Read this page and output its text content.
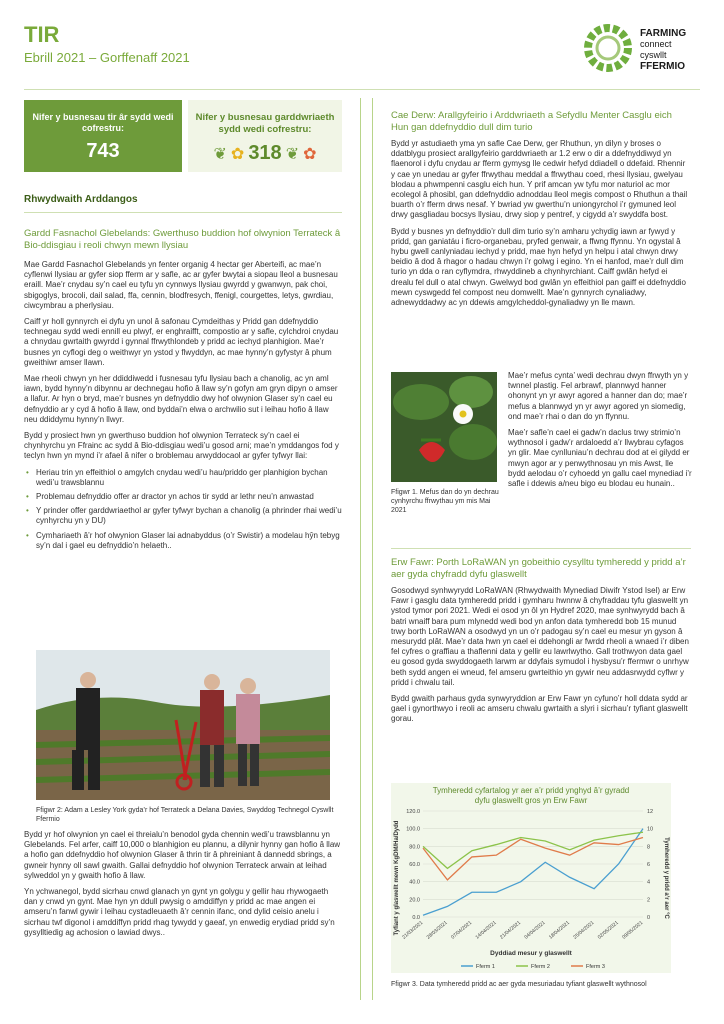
TIR
Ebrill 2021 – Gorffenaff 2021
FARMING
connect
cyswllt
FFERMIO
Nifer y busnesau tir âr sydd wedi cofrestru:
743
Nifer y busnesau garddwriaeth sydd wedi cofrestru:
❦ ✿ 318 ❦ ✿
Rhwydwaith Arddangos
Gardd Fasnachol Glebelands: Gwerthuso buddion hof olwynion Terrateck â Bio-ddisgiau i reoli chwyn mewn llysiau

Mae Gardd Fasnachol Glebelands yn fenter organig 4 hectar ger Aberteifi, ac mae’n cyflenwi llysiau ar gyfer siop fferm ar y safle, ac ar gyfer bwytai a siopau lleol a busnesau eraill. Mae’r cnydau sy’n cael eu tyfu yn cynnwys llysiau gwyrdd y gwanwyn, pak choi, sbigoglys, brocoli, dail salad, ffa, cennin, blodfresych, ffenigl, courgettes, letys, gwrdiau, ciwcymbrau a pherlysiau.

Caiff yr holl gynnyrch ei dyfu yn unol â safonau Cymdeithas y Pridd gan ddefnyddio technegau sydd wedi ennill eu plwyf, er enghraifft, compostio ar y safle, cylchdroi cnydau a chnydau gwrtaith gwyrdd i gynnal ffrwythlondeb y pridd ac iechyd planhigion. Mae’r busnes yn cyflogi deg o weithwyr yn ystod y flwyddyn, ac mae hynny’n gyfystyr â phum gweithiwr amser llawn.

Mae rheoli chwyn yn her ddiddiwedd i fusnesau tyfu llysiau bach a chanolig, ac yn aml iawn, bydd hynny’n dibynnu ar dechnegau hofio â llaw sy’n gofyn am gryn dipyn o amser a llafur. Ar hyn o bryd, mae’r busnes yn defnyddio dwy hof olwynion Glaser sy’n cael eu defnyddio ar y cyd â hofio â llaw, ond byddai’n elwa o archwilio sut i leihau hofio â llaw neu ddiddymu hynny’n llwyr.

Bydd y prosiect hwn yn gwerthuso buddion hof olwynion Terrateck sy’n cael ei chynhyrchu yn Ffrainc ac sydd â Bio-ddisgiau wedi’u gosod arni; mae’n ymddangos fod y teclyn hwn yn mynd i’r afael â nifer o broblemau arwyddocaol ar gyfer tyfwyr llai:

• Heriau trin yn effeithiol o amgylch cnydau wedi’u hau/priddo ger planhigion bychan wedi’u trawsblannu
• Problemau defnyddio offer ar dractor yn achos tir sydd ar lethr neu’n anwastad
• Y prinder offer garddwriaethol ar gyfer tyfwyr bychan a chanolig (a phrinder rhai wedi’u cynhyrchu yn y DU)
• Cymhariaeth â’r hof olwynion Glaser lai adnabyddus (o’r Swistir) a modelau hŷn tebyg sy’n dal i gael eu defnyddio’n helaeth..
Ffigwr 2: Adam a Lesley York gyda’r hof Terrateck a Delana Davies, Swyddog Technegol Cyswllt Ffermio

Bydd yr hof olwynion yn cael ei threialu’n benodol gyda chennin wedi’u trawsblannu yn Glebelands. Fel arfer, caiff 10,000 o blanhigion eu plannu, a dilynir hynny gan hofio â llaw a hofio gan ddefnyddio hof olwynion Glaser â thrin tir â phreiniant â dannedd sbrings, a gwneir hynny oll sawl gwaith. Gallai defnyddio hof olwynion Terrateck arwain at leihad sylweddol yn y gwaith hofio â llaw.

Yn ychwanegol, bydd sicrhau cnwd glanach yn gynt yn golygu y gellir hau rhywogaeth dan y cnwd yn gynt. Mae hyn yn ddull pwysig o amddiffyn y pridd ac mae angen ei amseru’n fanwl gywir i leihau cystadleuaeth â’r cennin ifanc, ond dylid ceisio anelu i sicrhau twf digonol i amddiffyn pridd rhag tywydd y gaeaf, yn enwedig erydiad pridd sy’n gysylltiedig ag achosion o lawiad dwys..

Cae Derw: Arallgyfeirio i Arddwriaeth a Sefydlu Menter Casglu eich Hun gan ddefnyddio dull dim turio

Bydd yr astudiaeth yma yn safle Cae Derw, ger Rhuthun, yn dilyn y broses o ddatblygu prosiect arallgyfeirio garddwriaeth ar 1.2 erw o dir a ddefnyddiwyd yn flaenorol i dyfu cnydau ar fferm gymysg lle cedwir hefyd ddiadell o ddefaid. Rhennir y cae yn unedau ar gyfer ffrwythau meddal a ffrwythau coed, rhesi llysiau, gwelyau blodau a phwmpenni casglu eich hun. Y prif amcan yw tyfu mor naturiol ac mor ecolegol â phosibl, gan ddefnyddio adnoddau lleol megis compost o Rhuthun a thail buarth o’r fferm drws nesaf. Y bwriad yw gwerthu’n uniongyrchol i’r gymuned leol drwy gasgliadau bocsys llysiau, drwy siop y pentref, y cigydd a’r swyddfa bost.

Bydd y busnes yn defnyddio’r dull dim turio sy’n amharu ychydig iawn ar fywyd y pridd, gan ganiatáu i ficro-organebau, pryfed genwair, a ffwng ffynnu. Yn ogystal â hybu gwell canlyniadau iechyd y pridd, mae hyn hefyd yn helpu i atal chwyn drwy beidio â dod â rhagor o hadau chwyn i’r golwg i egino. Yn ei hanfod, mae’r dull dim turio yn dda o ran cyflymdra, rhwyddineb a chynhyrchiant. Caiff gwlân hefyd ei drealu fel dull o atal chwyn. Gwelwyd bod gwlân yn effeithiol pan gaiff ei ddefnyddio mewn cyswgedd fel compost neu domwellt. Mae’n gynnyrch cynaliadwy, adnewyddadwy ac yn ddewis amgylcheddol-gynaliadwy yn lle mawn.

Ffigwr 1. Mefus dan do yn dechrau cynhyrchu ffrwythau ym mis Mai 2021

Mae’r mefus cynta’ wedi dechrau dwyn ffrwyth yn y twnnel plastig. Fel arbrawf, plannwyd hanner ohonynt yn yr awyr agored a hanner dan do; mae’r mefus a blannwyd yn yr awyr agored yn siomedig, ond mae’r rhai o dan do yn ffynnu.

Mae’r safle’n cael ei gadw’n daclus trwy strimio’n wythnosol i gadw’r ardaloedd a’r llwybrau cyfagos yn glir. Mae cynlluniau’n dechrau dod at ei gilydd er mwyn agor ar y penwythnosau yn mis Awst, lle bydd aelodau o’r cyhoedd yn gallu cael mynediad i’r safle i ddewis a/neu bigo eu blodau eu hunain..

Erw Fawr: Porth LoRaWAN yn gobeithio cysylltu tymheredd y pridd a’r aer gyda chyfradd dyfu glaswellt

Gosodwyd synhwyrydd LoRaWAN (Rhwydwaith Mynediad Diwifr Ystod Isel) ar Erw Fawr i gasglu data tymheredd pridd i gymharu hwnnw â chyfraddau tyfu glaswellt yn ystod tymor pori 2021. Wedi ei osod yn ôl yn Hydref 2020, mae synhwyrydd bach â batri wnaiff bara pum mlynedd wedi bod yn anfon data tymheredd bob 15 munud trwy borth LoRaWAN a osodwyd yn un o’r padogau sy’n cael eu mesur yn gyson â mesurydd plât. Mae’r data hwn yn cael ei ddehongli ar fwrdd rheoli a wnaed i’r diben fel cyfres o graffiau a thaflenni data y gellir eu lawrlwytho. Gall trothwyon data gael eu gosod gyda swyddogaeth larwm ar ddyfais symudol i hysbysu’r ffermwr o unrhyw beth sydd angen ei wneud, fel amseru gwrteithio yn gywir neu addasrwydd cyflwr y pridd i chwalu tail.

Bydd gwaith parhaus gyda synwyryddion ar Erw Fawr yn cyfuno’r holl ddata sydd ar gael i gynorthwyo i reoli ac amseru chwalu gwrtaith a slyri i sicrhau’r tyfiant glaswellt gorau.

Tymheredd cyfartalog yr aer a’r pridd ynghyd â’r gyradd
dyfu glaswellt gros yn Erw Fawr
0.0
20.0
40.0
60.0
80.0
100.0
120.0
0
2
4
6
8
10
12
21/03/2021 28/03/2021 07/04/2021 14/04/2021 21/04/2021 04/04/2021 18/04/2021 25/04/2021 02/05/2021 09/05/2021
Tyfiant y glaswellt mewn KgDM/Ha/Dydd	Tymheredd y pridd a’r aer °C
Dyddiad mesur y glaswellt
Fferm 1	Fferm 2	Fferm 3
Ffigwr 3. Data tymheredd pridd ac aer gyda mesuriadau tyfiant glaswellt wythnosol
